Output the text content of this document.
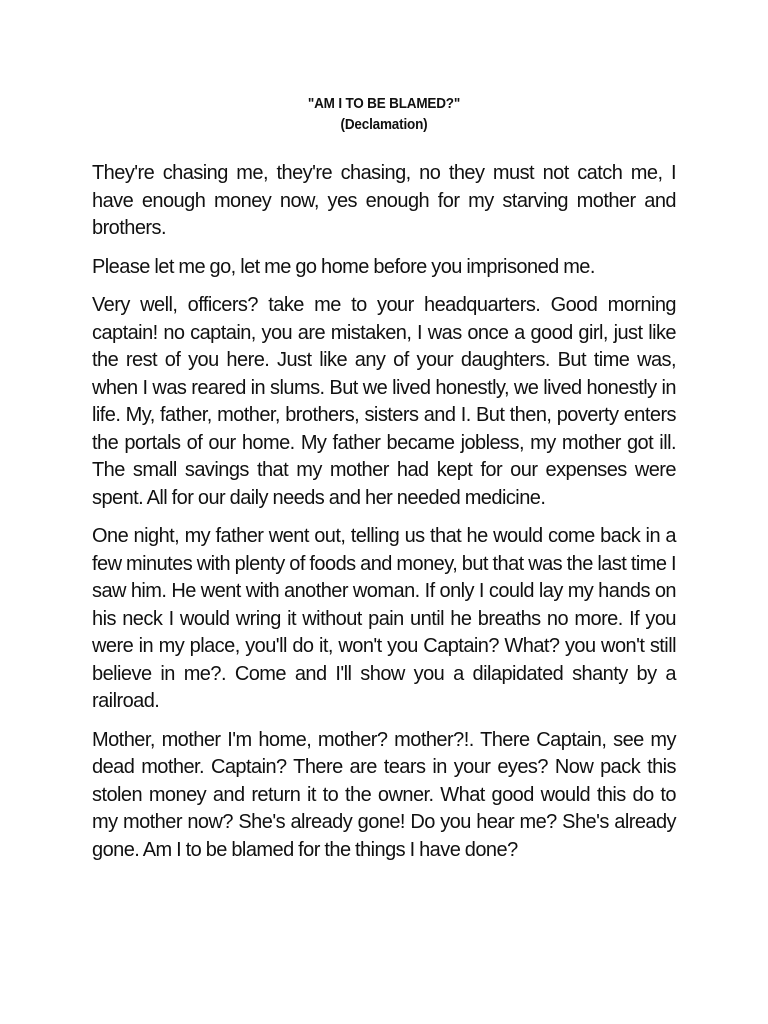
"AM I TO BE BLAMED?"
(Declamation)

They're chasing me, they're chasing, no they must not catch me, I have enough money now, yes enough for my starving mother and brothers.

Please let me go, let me go home before you imprisoned me.

Very well, officers? take me to your headquarters. Good morning captain! no captain, you are mistaken, I was once a good girl, just like the rest of you here. Just like any of your daughters. But time was, when I was reared in slums. But we lived honestly, we lived honestly in life. My, father, mother, brothers, sisters and I. But then, poverty enters the portals of our home. My father became jobless, my mother got ill. The small savings that my mother had kept for our expenses were spent. All for our daily needs and her needed medicine.

One night, my father went out, telling us that he would come back in a few minutes with plenty of foods and money, but that was the last time I saw him. He went with another woman. If only I could lay my hands on his neck I would wring it without pain until he breaths no more. If you were in my place, you'll do it, won't you Captain? What? you won't still believe in me?. Come and I'll show you a dilapidated shanty by a railroad.

Mother, mother I'm home, mother? mother?!. There Captain, see my dead mother. Captain? There are tears in your eyes? Now pack this stolen money and return it to the owner. What good would this do to my mother now? She's already gone! Do you hear me? She's already gone. Am I to be blamed for the things I have done?
